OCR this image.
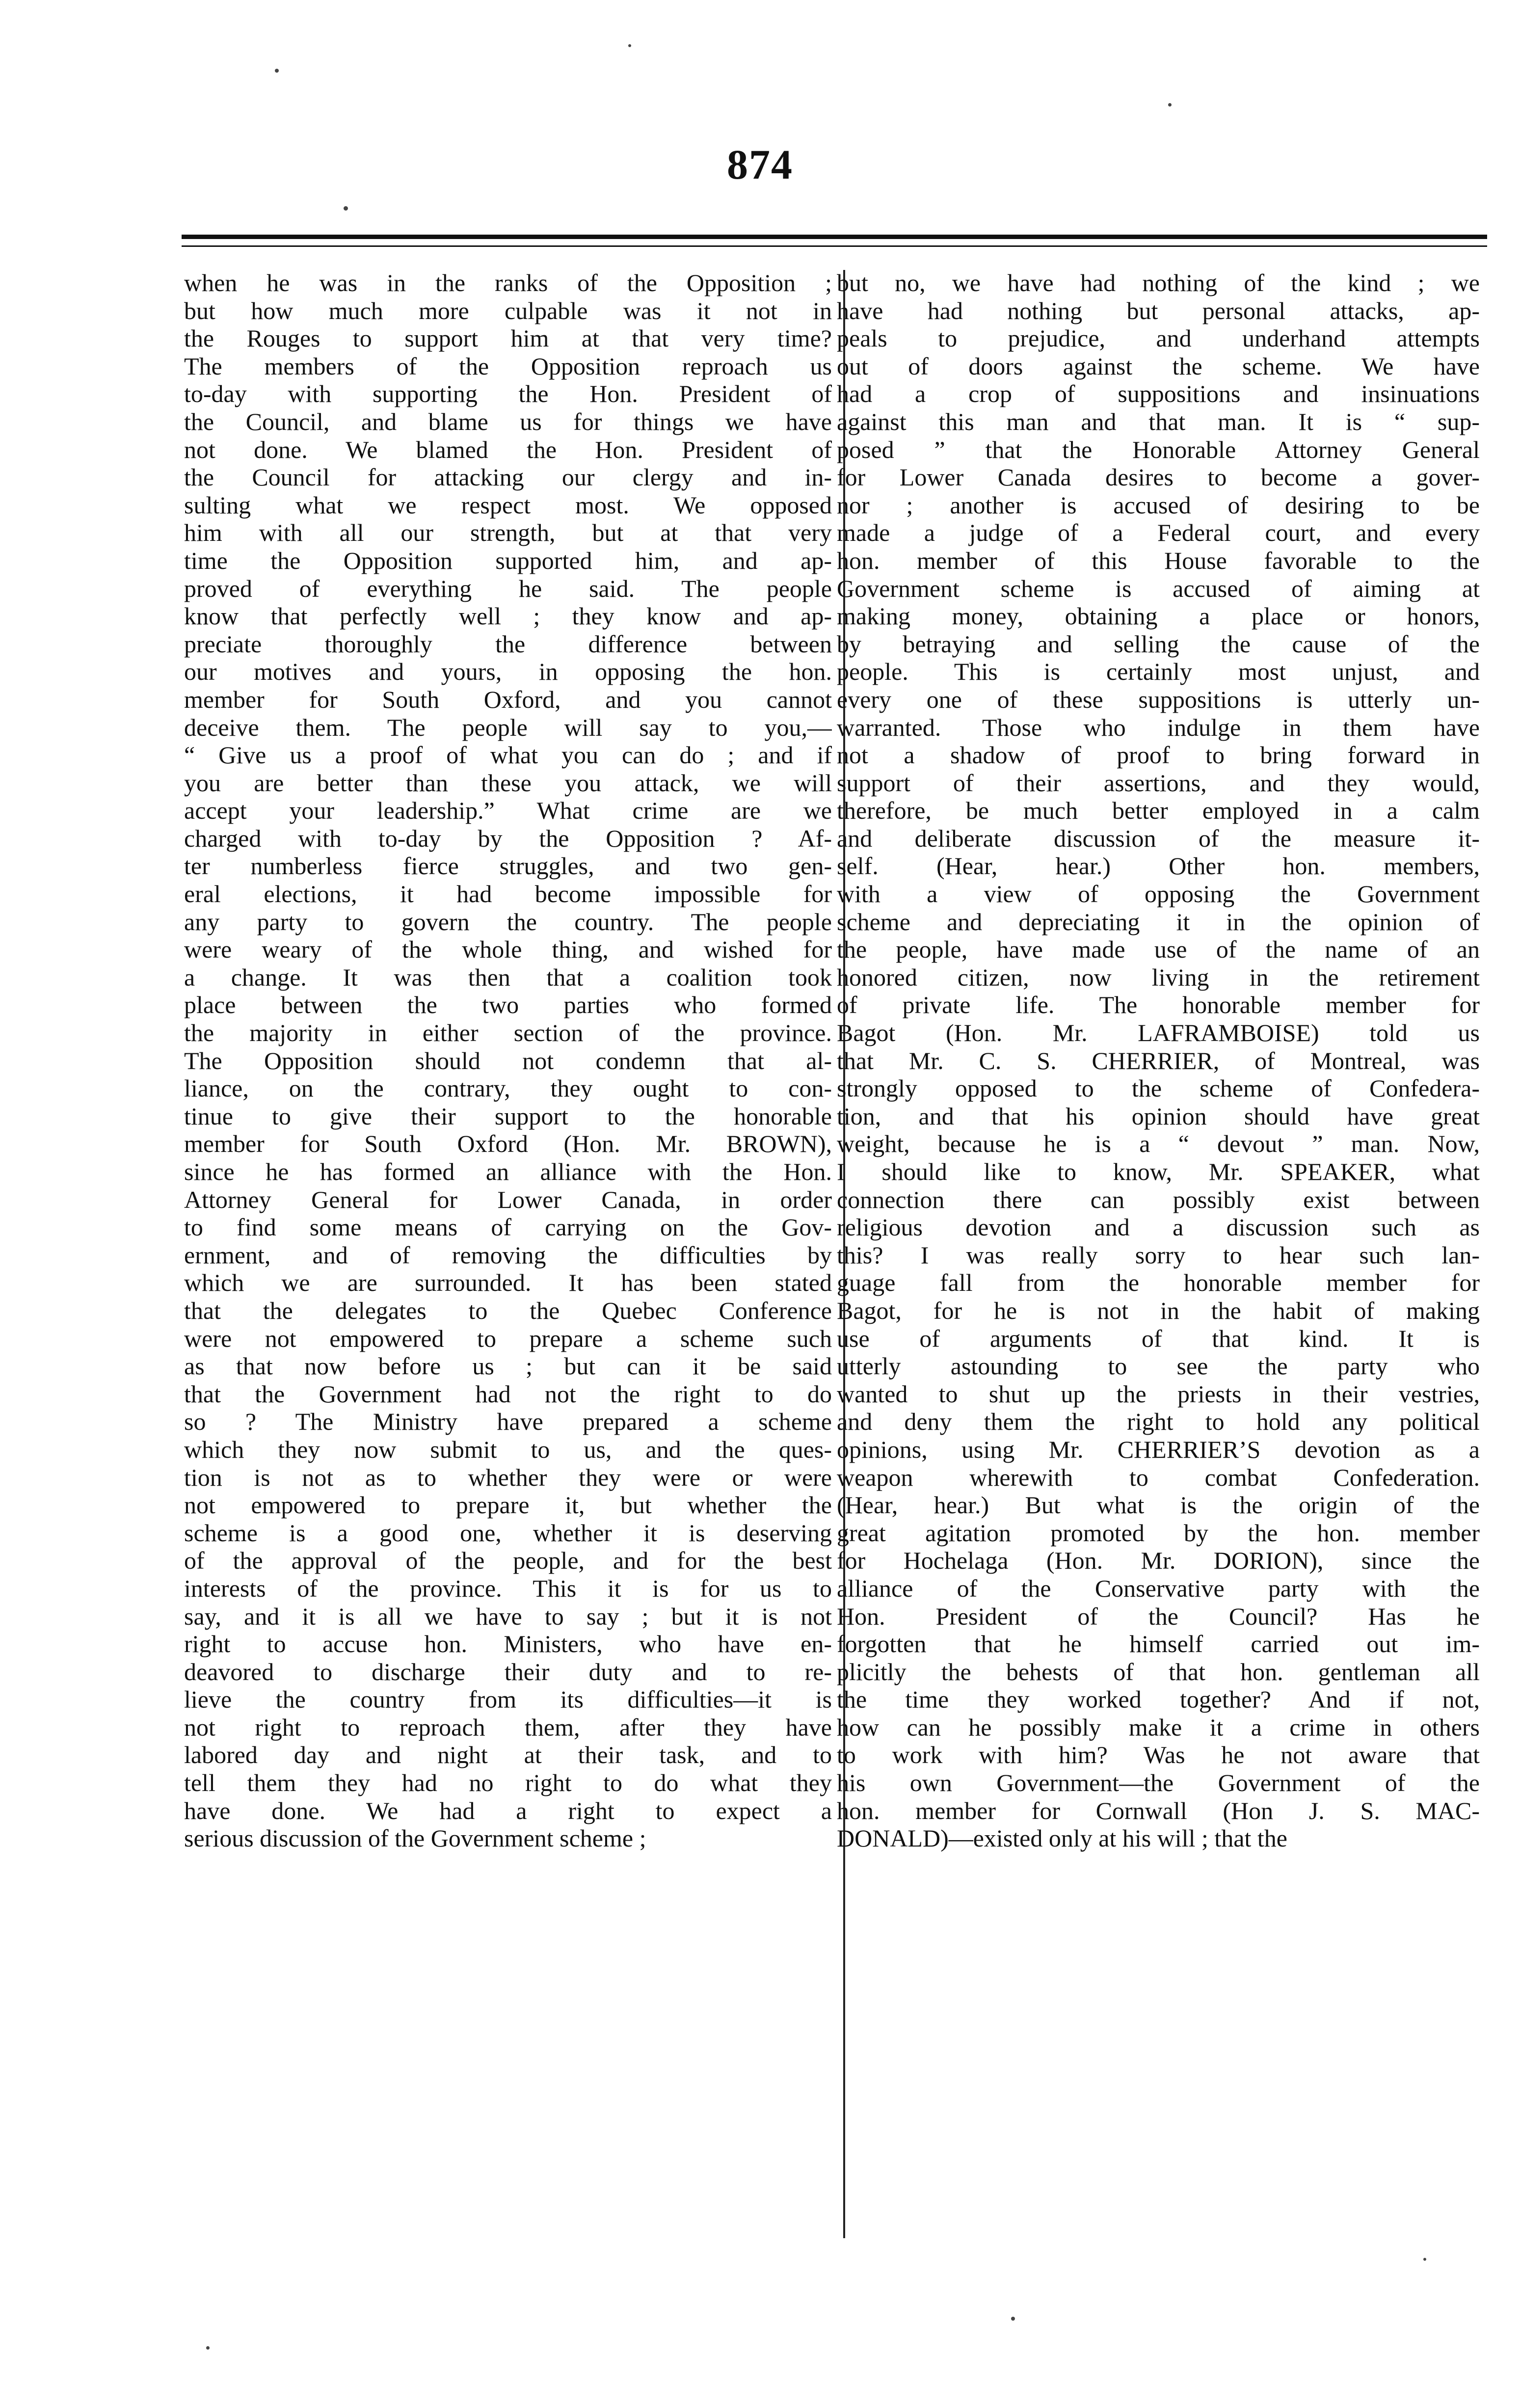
874
when he was in the ranks of the Opposition ;
but how much more culpable was it not in
the Rouges to support him at that very time?
The members of the Opposition reproach us
to-day with supporting the Hon. President of
the Council, and blame us for things we have
not done. We blamed the Hon. President of
the Council for attacking our clergy and in-
sulting what we respect most. We opposed
him with all our strength, but at that very
time the Opposition supported him, and ap-
proved of everything he said. The people
know that perfectly well ; they know and ap-
preciate thoroughly the difference between
our motives and yours, in opposing the hon.
member for South Oxford, and you cannot
deceive them. The people will say to you,—
“ Give us a proof of what you can do ; and if
you are better than these you attack, we will
accept your leadership.” What crime are we
charged with to-day by the Opposition ? Af-
ter numberless fierce struggles, and two gen-
eral elections, it had become impossible for
any party to govern the country. The people
were weary of the whole thing, and wished for
a change. It was then that a coalition took
place between the two parties who formed
the majority in either section of the province.
The Opposition should not condemn that al-
liance, on the contrary, they ought to con-
tinue to give their support to the honorable
member for South Oxford (Hon. Mr. BROWN),
since he has formed an alliance with the Hon.
Attorney General for Lower Canada, in order
to find some means of carrying on the Gov-
ernment, and of removing the difficulties by
which we are surrounded. It has been stated
that the delegates to the Quebec Conference
were not empowered to prepare a scheme such
as that now before us ; but can it be said
that the Government had not the right to do
so ? The Ministry have prepared a scheme
which they now submit to us, and the ques-
tion is not as to whether they were or were
not empowered to prepare it, but whether the
scheme is a good one, whether it is deserving
of the approval of the people, and for the best
interests of the province. This it is for us to
say, and it is all we have to say ; but it is not
right to accuse hon. Ministers, who have en-
deavored to discharge their duty and to re-
lieve the country from its difficulties—it is
not right to reproach them, after they have
labored day and night at their task, and to
tell them they had no right to do what they
have done. We had a right to expect a
serious discussion of the Government scheme ;
but no, we have had nothing of the kind ; we
have had nothing but personal attacks, ap-
peals to prejudice, and underhand attempts
out of doors against the scheme. We have
had a crop of suppositions and insinuations
against this man and that man. It is “ sup-
posed ” that the Honorable Attorney General
for Lower Canada desires to become a gover-
nor ; another is accused of desiring to be
made a judge of a Federal court, and every
hon. member of this House favorable to the
Government scheme is accused of aiming at
making money, obtaining a place or honors,
by betraying and selling the cause of the
people. This is certainly most unjust, and
every one of these suppositions is utterly un-
warranted. Those who indulge in them have
not a shadow of proof to bring forward in
support of their assertions, and they would,
therefore, be much better employed in a calm
and deliberate discussion of the measure it-
self. (Hear, hear.) Other hon. members,
with a view of opposing the Government
scheme and depreciating it in the opinion of
the people, have made use of the name of an
honored citizen, now living in the retirement
of private life. The honorable member for
Bagot (Hon. Mr. LAFRAMBOISE) told us
that Mr. C. S. CHERRIER, of Montreal, was
strongly opposed to the scheme of Confedera-
tion, and that his opinion should have great
weight, because he is a “ devout ” man. Now,
I should like to know, Mr. SPEAKER, what
connection there can possibly exist between
religious devotion and a discussion such as
this? I was really sorry to hear such lan-
guage fall from the honorable member for
Bagot, for he is not in the habit of making
use of arguments of that kind. It is
utterly astounding to see the party who
wanted to shut up the priests in their vestries,
and deny them the right to hold any political
opinions, using Mr. CHERRIER’S devotion as a
weapon wherewith to combat Confederation.
(Hear, hear.) But what is the origin of the
great agitation promoted by the hon. member
for Hochelaga (Hon. Mr. DORION), since the
alliance of the Conservative party with the
Hon. President of the Council? Has he
forgotten that he himself carried out im-
plicitly the behests of that hon. gentleman all
the time they worked together? And if not,
how can he possibly make it a crime in others
to work with him? Was he not aware that
his own Government—the Government of the
hon. member for Cornwall (Hon J. S. MAC-
DONALD)—existed only at his will ; that the
